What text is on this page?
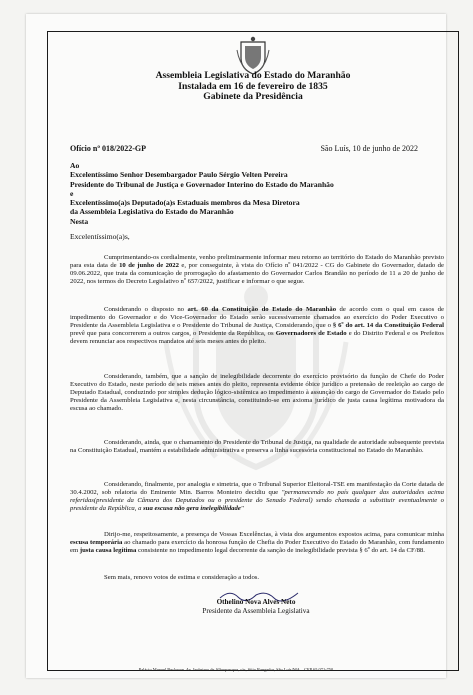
Assembleia Legislativa do Estado do Maranhão
Instalada em 16 de fevereiro de 1835
Gabinete da Presidência
Ofício nº 018/2022-GP	São Luís, 10 de junho de 2022
Ao
Excelentíssimo Senhor Desembargador Paulo Sérgio Velten Pereira
Presidente do Tribunal de Justiça e Governador Interino do Estado do Maranhão
e
Excelentíssimo(a)s Deputado(a)s Estaduais membros da Mesa Diretora
da Assembleia Legislativa do Estado do Maranhão
Nesta
Excelentíssimo(a)s,
Cumprimentando-os cordialmente, venho preliminarmente informar meu retorno ao território do Estado do Maranhão previsto para esta data de 10 de junho de 2022 e, por conseguinte, à vista do Ofício nº 041/2022 - CG do Gabinete do Governador, datado de 09.06.2022, que trata da comunicação de prorrogação do afastamento do Governador Carlos Brandão no período de 11 a 20 de junho de 2022, nos termos do Decreto Legislativo nº 657/2022, justificar e informar o que segue.
Considerando o disposto no art. 60 da Constituição do Estado do Maranhão de acordo com o qual em casos de impedimento do Governador e do Vice-Governador do Estado serão sucessivamente chamados ao exercício do Poder Executivo o Presidente da Assembleia Legislativa e o Presidente do Tribunal de Justiça, Considerando, que o § 6º do art. 14 da Constituição Federal prevê que para concorrerem a outros cargos, o Presidente da República, os Governadores de Estado e do Distrito Federal e os Prefeitos devem renunciar aos respectivos mandatos até seis meses antes do pleito.
Considerando, também, que a sanção de inelegibilidade decorrente do exercício provisório da função de Chefe do Poder Executivo do Estado, neste período de seis meses antes do pleito, representa evidente óbice jurídico a pretensão de reeleição ao cargo de Deputado Estadual, conduzindo por simples dedução lógico-sistêmica ao impedimento à assunção do cargo de Governador do Estado pelo Presidente da Assembleia Legislativa e, nesta circunstância, constituindo-se em axioma jurídico de justa causa legítima motivadora da escusa ao chamado.
Considerando, ainda, que o chamamento do Presidente do Tribunal de Justiça, na qualidade de autoridade subsequente prevista na Constituição Estadual, mantém a estabilidade administrativa e preserva a linha sucessória constitucional no Estado do Maranhão.
Considerando, finalmente, por analogia e simetria, que o Tribunal Superior Eleitoral-TSE em manifestação da Corte datada de 30.4.2002, sob relatoria do Eminente Min. Barros Monteiro decidiu que "permanecendo no país qualquer das autoridades acima referidas(presidente da Câmara dos Deputados ou o presidente do Senado Federal) sendo chamada a substituir eventualmente o presidente da República, a sua escusa não gera inelegibilidade"
Dirijo-me, respeitosamente, a presença de Vossas Excelências, à vista dos argumentos expostos acima, para comunicar minha escusa temporária ao chamado para exercício da honrosa função de Chefia do Poder Executivo do Estado do Maranhão, com fundamento em justa causa legítima consistente no impedimento legal decorrente da sanção de inelegibilidade prevista § 6º do art. 14 da CF/88.
Sem mais, renovo votos de estima e consideração a todos.
Othelino Nova Alves Neto
Presidente da Assembleia Legislativa
Palácio Manuel Beckman. Av. Jerônimo de Albuquerque, s/n, Sítio Rangedor, São Luís/MA – CEP 65.071-750
